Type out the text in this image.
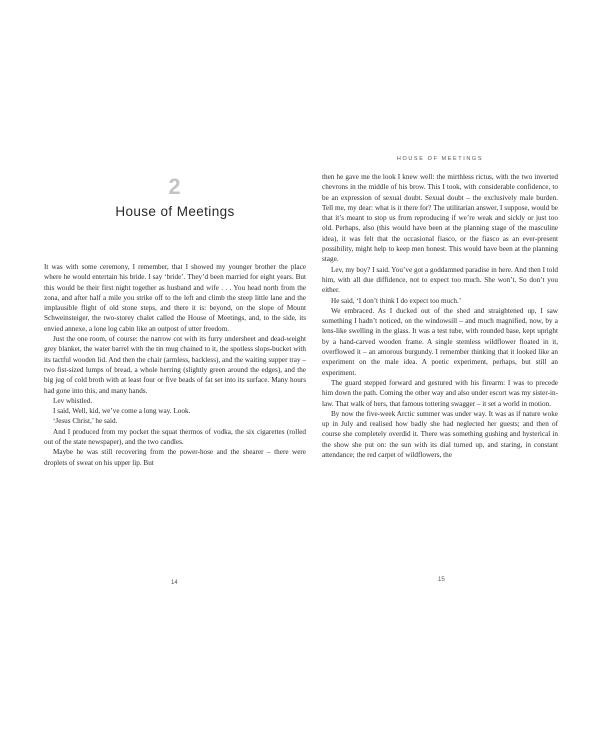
2
House of Meetings

It was with some ceremony, I remember, that I showed my younger brother the place where he would entertain his bride. I say ‘bride’. They’d been married for eight years. But this would be their first night together as husband and wife . . . You head north from the zona, and after half a mile you strike off to the left and climb the steep little lane and the implausible flight of old stone steps, and there it is: beyond, on the slope of Mount Schweinsteiger, the two-storey chalet called the House of Meetings, and, to the side, its envied annexe, a lone log cabin like an outpost of utter freedom.

Just the one room, of course: the narrow cot with its furry undersheet and dead-weight grey blanket, the water barrel with the tin mug chained to it, the spotless slops-bucket with its tactful wooden lid. And then the chair (armless, backless), and the waiting supper tray – two fist-sized lumps of bread, a whole herring (slightly green around the edges), and the big jug of cold broth with at least four or five beads of fat set into its surface. Many hours had gone into this, and many hands.

Lev whistled.

I said, Well, kid, we’ve come a long way. Look.

‘Jesus Christ,’ he said.

And I produced from my pocket the squat thermos of vodka, the six cigarettes (rolled out of the state newspaper), and the two candles.

Maybe he was still recovering from the power-hose and the shearer – there were droplets of sweat on his upper lip. But

14
HOUSE OF MEETINGS

then he gave me the look I knew well: the mirthless rictus, with the two inverted chevrons in the middle of his brow. This I took, with considerable confidence, to be an expression of sexual doubt. Sexual doubt – the exclusively male burden. Tell me, my dear: what is it there for? The utilitarian answer, I suppose, would be that it’s meant to stop us from reproducing if we’re weak and sickly or just too old. Perhaps, also (this would have been at the planning stage of the masculine idea), it was felt that the occasional fiasco, or the fiasco as an ever-present possibility, might help to keep men honest. This would have been at the planning stage.

Lev, my boy? I said. You’ve got a goddamned paradise in here. And then I told him, with all due diffidence, not to expect too much. She won’t. So don’t you either.

He said, ‘I don’t think I do expect too much.’

We embraced. As I ducked out of the shed and straightened up, I saw something I hadn’t noticed, on the windowsill – and much magnified, now, by a lens-like swelling in the glass. It was a test tube, with rounded base, kept upright by a hand-carved wooden frame. A single stemless wildflower floated in it, overflowed it – an amorous burgundy. I remember thinking that it looked like an experiment on the male idea. A poetic experiment, perhaps, but still an experiment.

The guard stepped forward and gestured with his firearm: I was to precede him down the path. Coming the other way and also under escort was my sister-in-law. That walk of hers, that famous tottering swagger – it set a world in motion.

By now the five-week Arctic summer was under way. It was as if nature woke up in July and realised how badly she had neglected her guests; and then of course she completely overdid it. There was something gushing and hysterical in the show she put on: the sun with its dial turned up, and staring, in constant attendance; the red carpet of wildflowers, the

15
